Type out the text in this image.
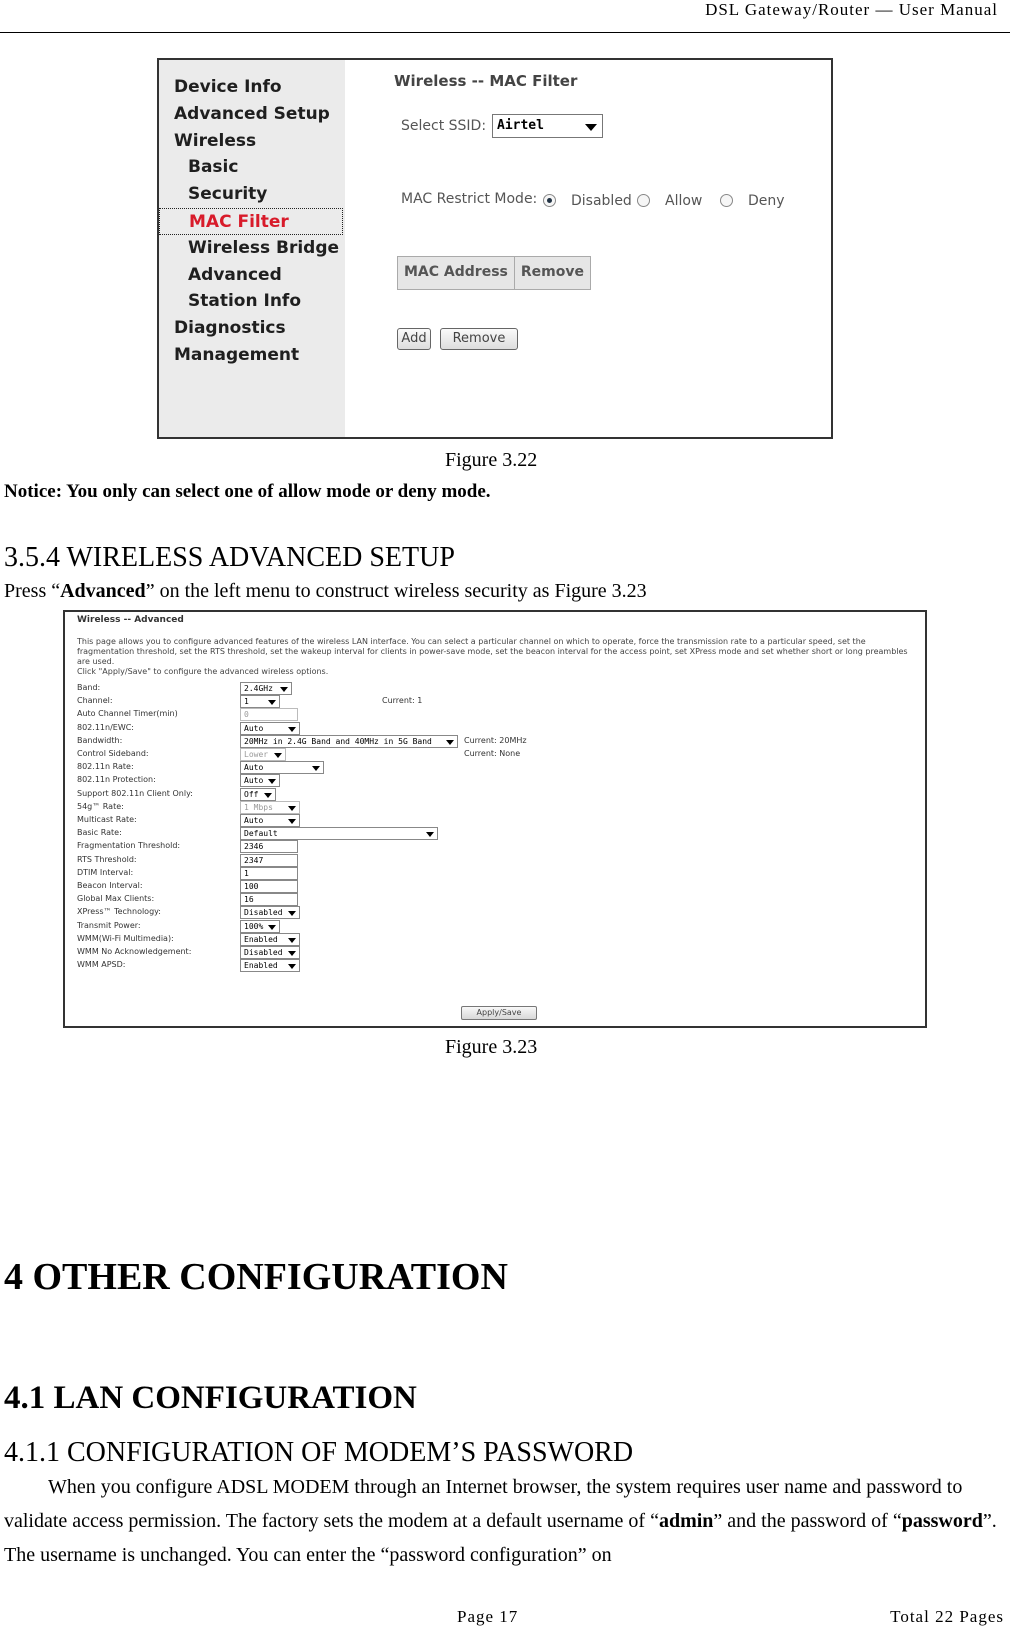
DSL Gateway/Router — User Manual
Device Info
Advanced Setup
Wireless
Basic
Security
MAC Filter
Wireless Bridge
Advanced
Station Info
Diagnostics
Management
Wireless -- MAC Filter
Select SSID: Airtel
MAC Restrict Mode: Disabled Allow	Deny
MAC Address Remove
Add	Remove
Figure 3.22
Notice: You only can select one of allow mode or deny mode.
3.5.4 WIRELESS ADVANCED SETUP
Press “Advanced” on the left menu to construct wireless security as Figure 3.23
Wireless -- Advanced
This page allows you to configure advanced features of the wireless LAN interface. You can select a particular channel on which to operate, force the transmission rate to a particular speed, set the fragmentation threshold, set the RTS threshold, set the wakeup interval for clients in power-save mode, set the beacon interval for the access point, set XPress mode and set whether short or long preambles are used.
Click "Apply/Save" to configure the advanced wireless options.
Band:	2.4GHz
Channel:	1	Current: 1
Auto Channel Timer(min)	0
802.11n/EWC:	Auto
Bandwidth:	20MHz in 2.4G Band and 40MHz in 5G Band	Current: 20MHz
Control Sideband:	Lower	Current: None
802.11n Rate:	Auto
802.11n Protection:	Auto
Support 802.11n Client Only:	Off
54g™ Rate:	1 Mbps
Multicast Rate:	Auto
Basic Rate:	Default
Fragmentation Threshold:	2346
RTS Threshold:	2347
DTIM Interval:	1
Beacon Interval:	100
Global Max Clients:	16
XPress™ Technology:	Disabled
Transmit Power:	100%
WMM(Wi-Fi Multimedia):	Enabled
WMM No Acknowledgement:	Disabled
WMM APSD:	Enabled
Apply/Save
Figure 3.23
4 OTHER CONFIGURATION
4.1 LAN CONFIGURATION
4.1.1 CONFIGURATION OF MODEM’S PASSWORD
When you configure ADSL MODEM through an Internet browser, the system requires user name and password to validate access permission. The factory sets the modem at a default username of “admin” and the password of “password”. The username is unchanged. You can enter the “password configuration” on
Page 17	Total 22 Pages
